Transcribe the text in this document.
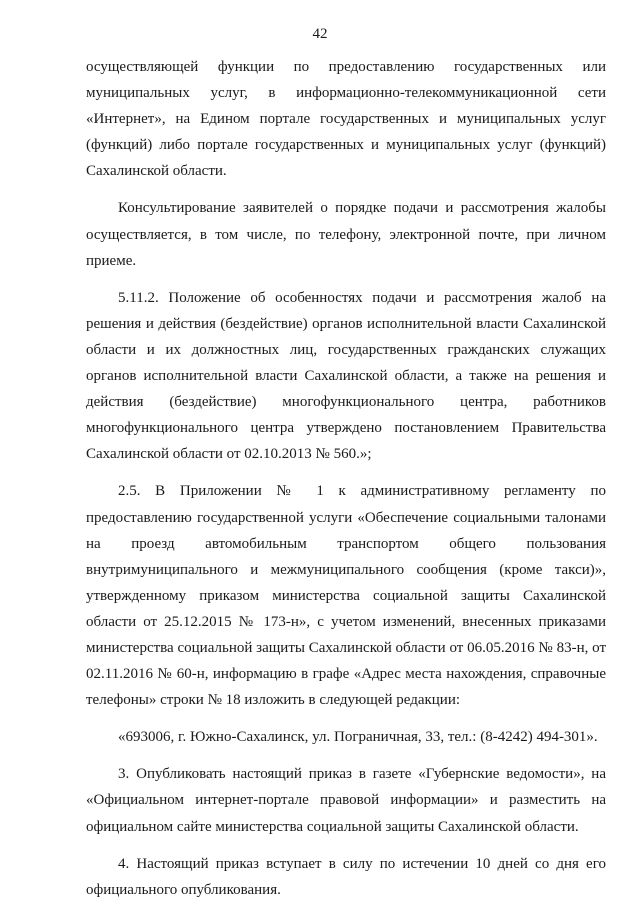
42

осуществляющей функции по предоставлению государственных или муниципальных услуг, в информационно-телекоммуникационной сети «Интернет», на Едином портале государственных и муниципальных услуг (функций) либо портале государственных и муниципальных услуг (функций) Сахалинской области.

Консультирование заявителей о порядке подачи и рассмотрения жалобы осуществляется, в том числе, по телефону, электронной почте, при личном приеме.

5.11.2. Положение об особенностях подачи и рассмотрения жалоб на решения и действия (бездействие) органов исполнительной власти Сахалинской области и их должностных лиц, государственных гражданских служащих органов исполнительной власти Сахалинской области, а также на решения и действия (бездействие) многофункционального центра, работников многофункционального центра утверждено постановлением Правительства Сахалинской области от 02.10.2013 № 560.»;

2.5. В Приложении № 1 к административному регламенту по предоставлению государственной услуги «Обеспечение социальными талонами на проезд автомобильным транспортом общего пользования внутримуниципального и межмуниципального сообщения (кроме такси)», утвержденному приказом министерства социальной защиты Сахалинской области от 25.12.2015 № 173-н», с учетом изменений, внесенных приказами министерства социальной защиты Сахалинской области от 06.05.2016 № 83-н, от 02.11.2016 № 60-н, информацию в графе «Адрес места нахождения, справочные телефоны» строки № 18 изложить в следующей редакции:

«693006, г. Южно-Сахалинск, ул. Пограничная, 33, тел.: (8-4242) 494-301».

3. Опубликовать настоящий приказ в газете «Губернские ведомости», на «Официальном интернет-портале правовой информации» и разместить на официальном сайте министерства социальной защиты Сахалинской области.

4. Настоящий приказ вступает в силу по истечении 10 дней со дня его официального опубликования.
